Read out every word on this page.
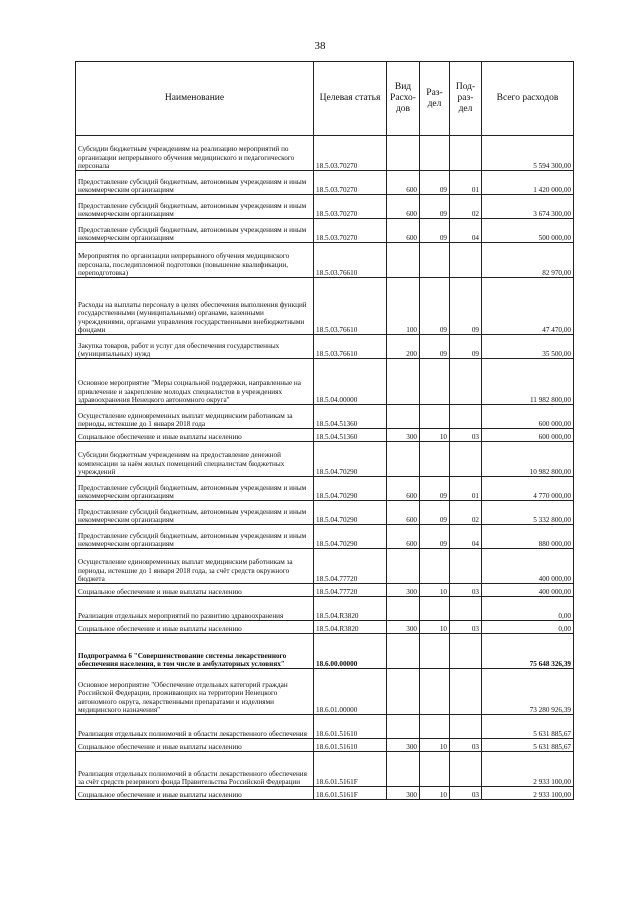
38
Наименование	Целевая статья	Вид Расхо-дов	Раз-дел	Под-раз-дел	Всего расходов
Субсидии бюджетным учреждениям на реализацию мероприятий по организации непрерывного обучения медицинского и педагогического персонала	18.5.03.70270				5 594 300,00
Предоставление субсидий бюджетным, автономным учреждениям и иным некоммерческим организациям	18.5.03.70270	600	09	01	1 420 000,00
Предоставление субсидий бюджетным, автономным учреждениям и иным некоммерческим организациям	18.5.03.70270	600	09	02	3 674 300,00
Предоставление субсидий бюджетным, автономным учреждениям и иным некоммерческим организациям	18.5.03.70270	600	09	04	500 000,00
Мероприятия по организации непрерывного обучения медицинского персонала, последипломной подготовки (повышение квалификации, переподготовка)	18.5.03.76610				82 970,00
Расходы на выплаты персоналу в целях обеспечения выполнения функций государственными (муниципальными) органами, казенными учреждениями, органами управления государственными внебюджетными фондами	18.5.03.76610	100	09	09	47 470,00
Закупка товаров, работ и услуг для обеспечения государственных (муниципальных) нужд	18.5.03.76610	200	09	09	35 500,00
Основное мероприятие "Меры социальной поддержки, направленные на привлечение и закрепление молодых специалистов в учреждениях здравоохранения Ненецкого автономного округа"	18.5.04.00000				11 982 800,00
Осуществление единовременных выплат медицинским работникам за периоды, истекшие до 1 января 2018 года	18.5.04.51360				600 000,00
Социальное обеспечение и иные выплаты населению	18.5.04.51360	300	10	03	600 000,00
Субсидии бюджетным учреждениям на предоставление денежной компенсации за наём жилых помещений специалистам бюджетных учреждений	18.5.04.70290				10 982 800,00
Предоставление субсидий бюджетным, автономным учреждениям и иным некоммерческим организациям	18.5.04.70290	600	09	01	4 770 000,00
Предоставление субсидий бюджетным, автономным учреждениям и иным некоммерческим организациям	18.5.04.70290	600	09	02	5 332 800,00
Предоставление субсидий бюджетным, автономным учреждениям и иным некоммерческим организациям	18.5.04.70290	600	09	04	880 000,00
Осуществление единовременных выплат медицинским работникам за периоды, истекшие до 1 января 2018 года, за счёт средств окружного бюджета	18.5.04.77720				400 000,00
Социальное обеспечение и иные выплаты населению	18.5.04.77720	300	10	03	400 000,00
Реализация отдельных мероприятий по развитию здравоохранения	18.5.04.R3820				0,00
Социальное обеспечение и иные выплаты населению	18.5.04.R3820	300	10	03	0,00
Подпрограмма 6 "Совершенствование системы лекарственного обеспечения населения, в том числе в амбулаторных условиях"	18.6.00.00000				75 648 326,39
Основное мероприятие "Обеспечение отдельных категорий граждан Российской Федерации, проживающих на территории Ненецкого автономного округа, лекарственными препаратами и изделиями медицинского назначения"	18.6.01.00000				73 280 926,39
Реализация отдельных полномочий в области лекарственного обеспечения	18.6.01.51610				5 631 885,67
Социальное обеспечение и иные выплаты населению	18.6.01.51610	300	10	03	5 631 885,67
Реализация отдельных полномочий в области лекарственного обеспечения за счёт средств резервного фонда Правительства Российской Федерации	18.6.01.5161F				2 933 100,00
Социальное обеспечение и иные выплаты населению	18.6.01.5161F	300	10	03	2 933 100,00
